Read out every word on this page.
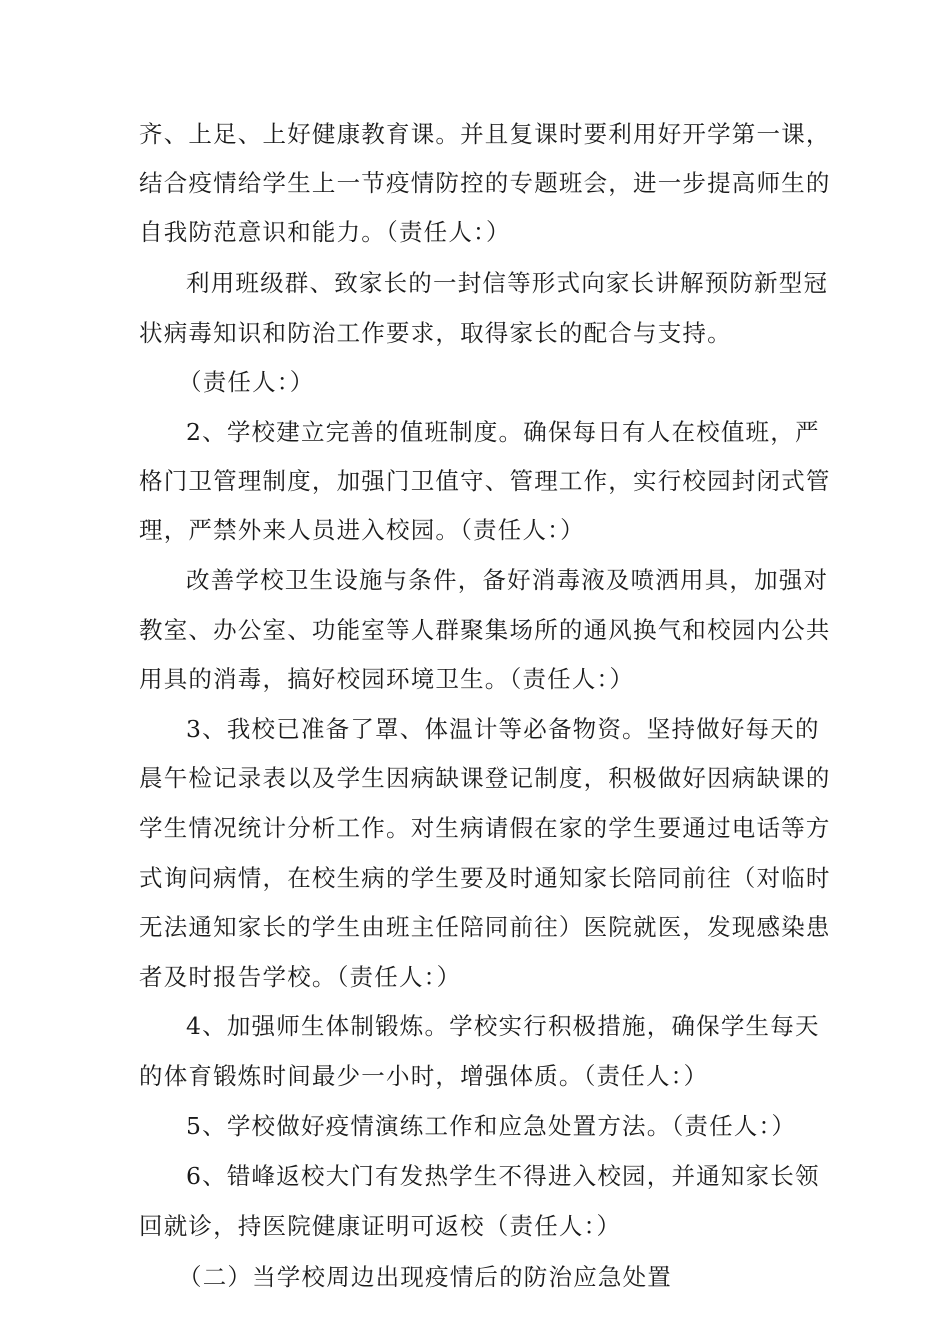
齐、上足、上好健康教育课。并且复课时要利用好开学第一课，
结合疫情给学生上一节疫情防控的专题班会，进一步提高师生的
自我防范意识和能力。（责任人：）
利用班级群、致家长的一封信等形式向家长讲解预防新型冠
状病毒知识和防治工作要求，取得家长的配合与支持。
（责任人：）
2、学校建立完善的值班制度。确保每日有人在校值班，严
格门卫管理制度，加强门卫值守、管理工作，实行校园封闭式管
理，严禁外来人员进入校园。（责任人：）
改善学校卫生设施与条件，备好消毒液及喷洒用具，加强对
教室、办公室、功能室等人群聚集场所的通风换气和校园内公共
用具的消毒，搞好校园环境卫生。（责任人：）
3、我校已准备了罩、体温计等必备物资。坚持做好每天的
晨午检记录表以及学生因病缺课登记制度，积极做好因病缺课的
学生情况统计分析工作。对生病请假在家的学生要通过电话等方
式询问病情，在校生病的学生要及时通知家长陪同前往（对临时
无法通知家长的学生由班主任陪同前往）医院就医，发现感染患
者及时报告学校。（责任人：）
4、加强师生体制锻炼。学校实行积极措施，确保学生每天
的体育锻炼时间最少一小时，增强体质。（责任人：）
5、学校做好疫情演练工作和应急处置方法。（责任人：）
6、错峰返校大门有发热学生不得进入校园，并通知家长领
回就诊，持医院健康证明可返校（责任人：）
（二）当学校周边出现疫情后的防治应急处置
